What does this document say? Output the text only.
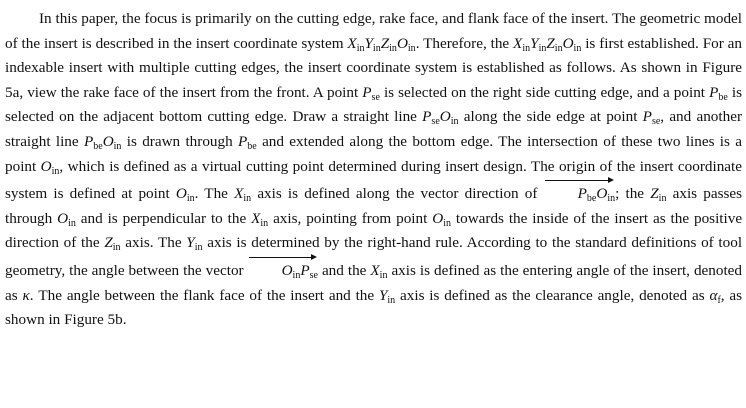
In this paper, the focus is primarily on the cutting edge, rake face, and flank face of the insert. The geometric model of the insert is described in the insert coordinate system $X_{in}Y_{in}Z_{in}O_{in}$. Therefore, the $X_{in}Y_{in}Z_{in}O_{in}$ is first established. For an indexable insert with multiple cutting edges, the insert coordinate system is established as follows. As shown in Figure 5a, view the rake face of the insert from the front. A point $P_{se}$ is selected on the right side cutting edge, and a point $P_{be}$ is selected on the adjacent bottom cutting edge. Draw a straight line $P_{se}O_{in}$ along the side edge at point $P_{se}$, and another straight line $P_{be}O_{in}$ is drawn through $P_{be}$ and extended along the bottom edge. The intersection of these two lines is a point $O_{in}$, which is defined as a virtual cutting point determined during insert design. The origin of the insert coordinate system is defined at point $O_{in}$. The $X_{in}$ axis is defined along the vector direction of	$P_{be}O_{in}$; the $Z_{in}$ axis passes through $O_{in}$ and is perpendicular to the $X_{in}$ axis, pointing from point $O_{in}$ towards the inside of the insert as the positive direction of the $Z_{in}$ axis. The $Y_{in}$ axis is determined by the right-hand rule. According to the standard definitions of tool geometry, the angle between the vector $O_{in}P_{se}$ and the $X_{in}$ axis is defined as the entering angle of the insert, denoted as κ. The angle between the flank face of the insert and the $Y_{in}$ axis is defined as the clearance angle, denoted as $\alpha_f$, as shown in Figure 5b.
